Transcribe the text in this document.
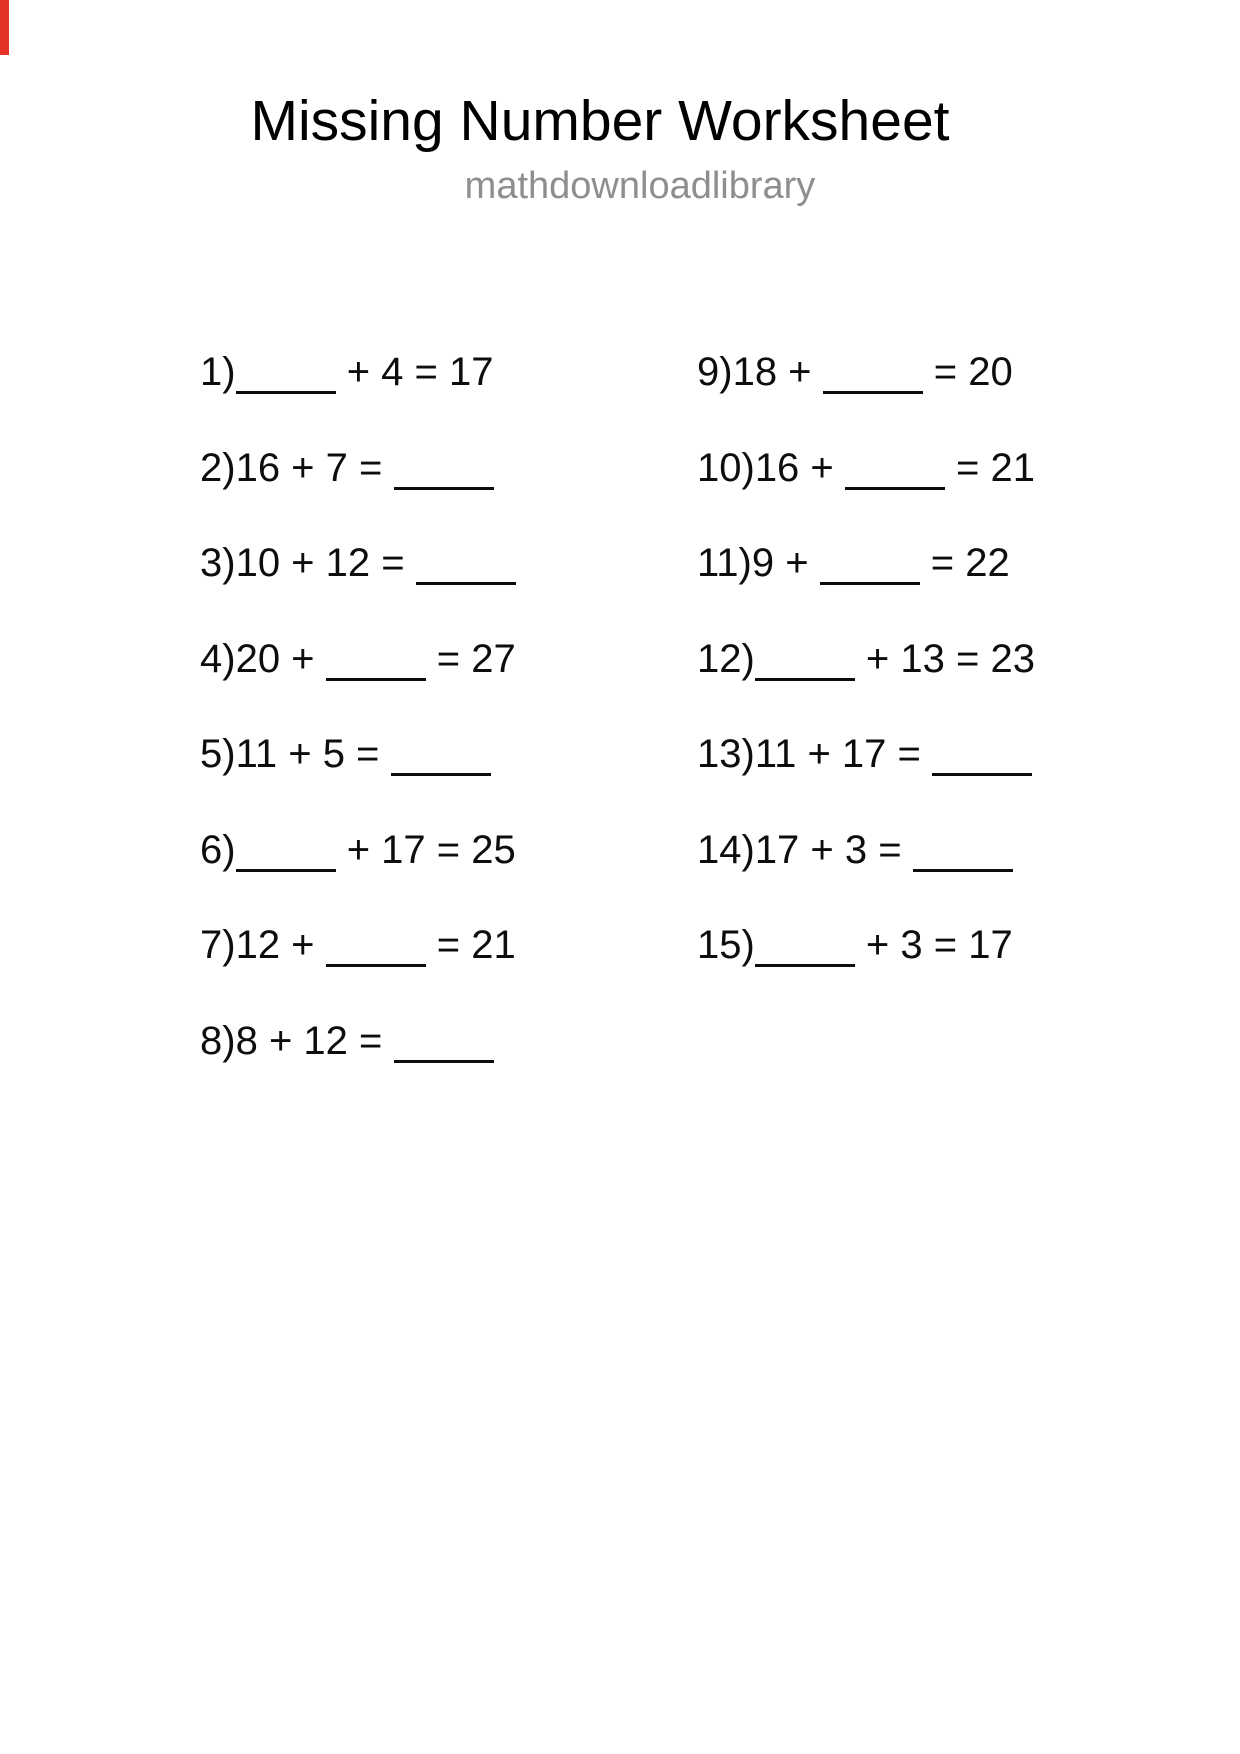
Missing Number Worksheet
mathdownloadlibrary
1)	+ 4 = 17
2) 16 + 7 =
3) 10 + 12 =
4) 20 +	= 27
5) 11 + 5 =
6)	+ 17 = 25
7) 12 +	= 21
8) 8 + 12 =
9) 18 +	= 20
10) 16 +	= 21
11) 9 +	= 22
12)	+ 13 = 23
13) 11 + 17 =
14) 17 + 3 =
15)	+ 3 = 17
